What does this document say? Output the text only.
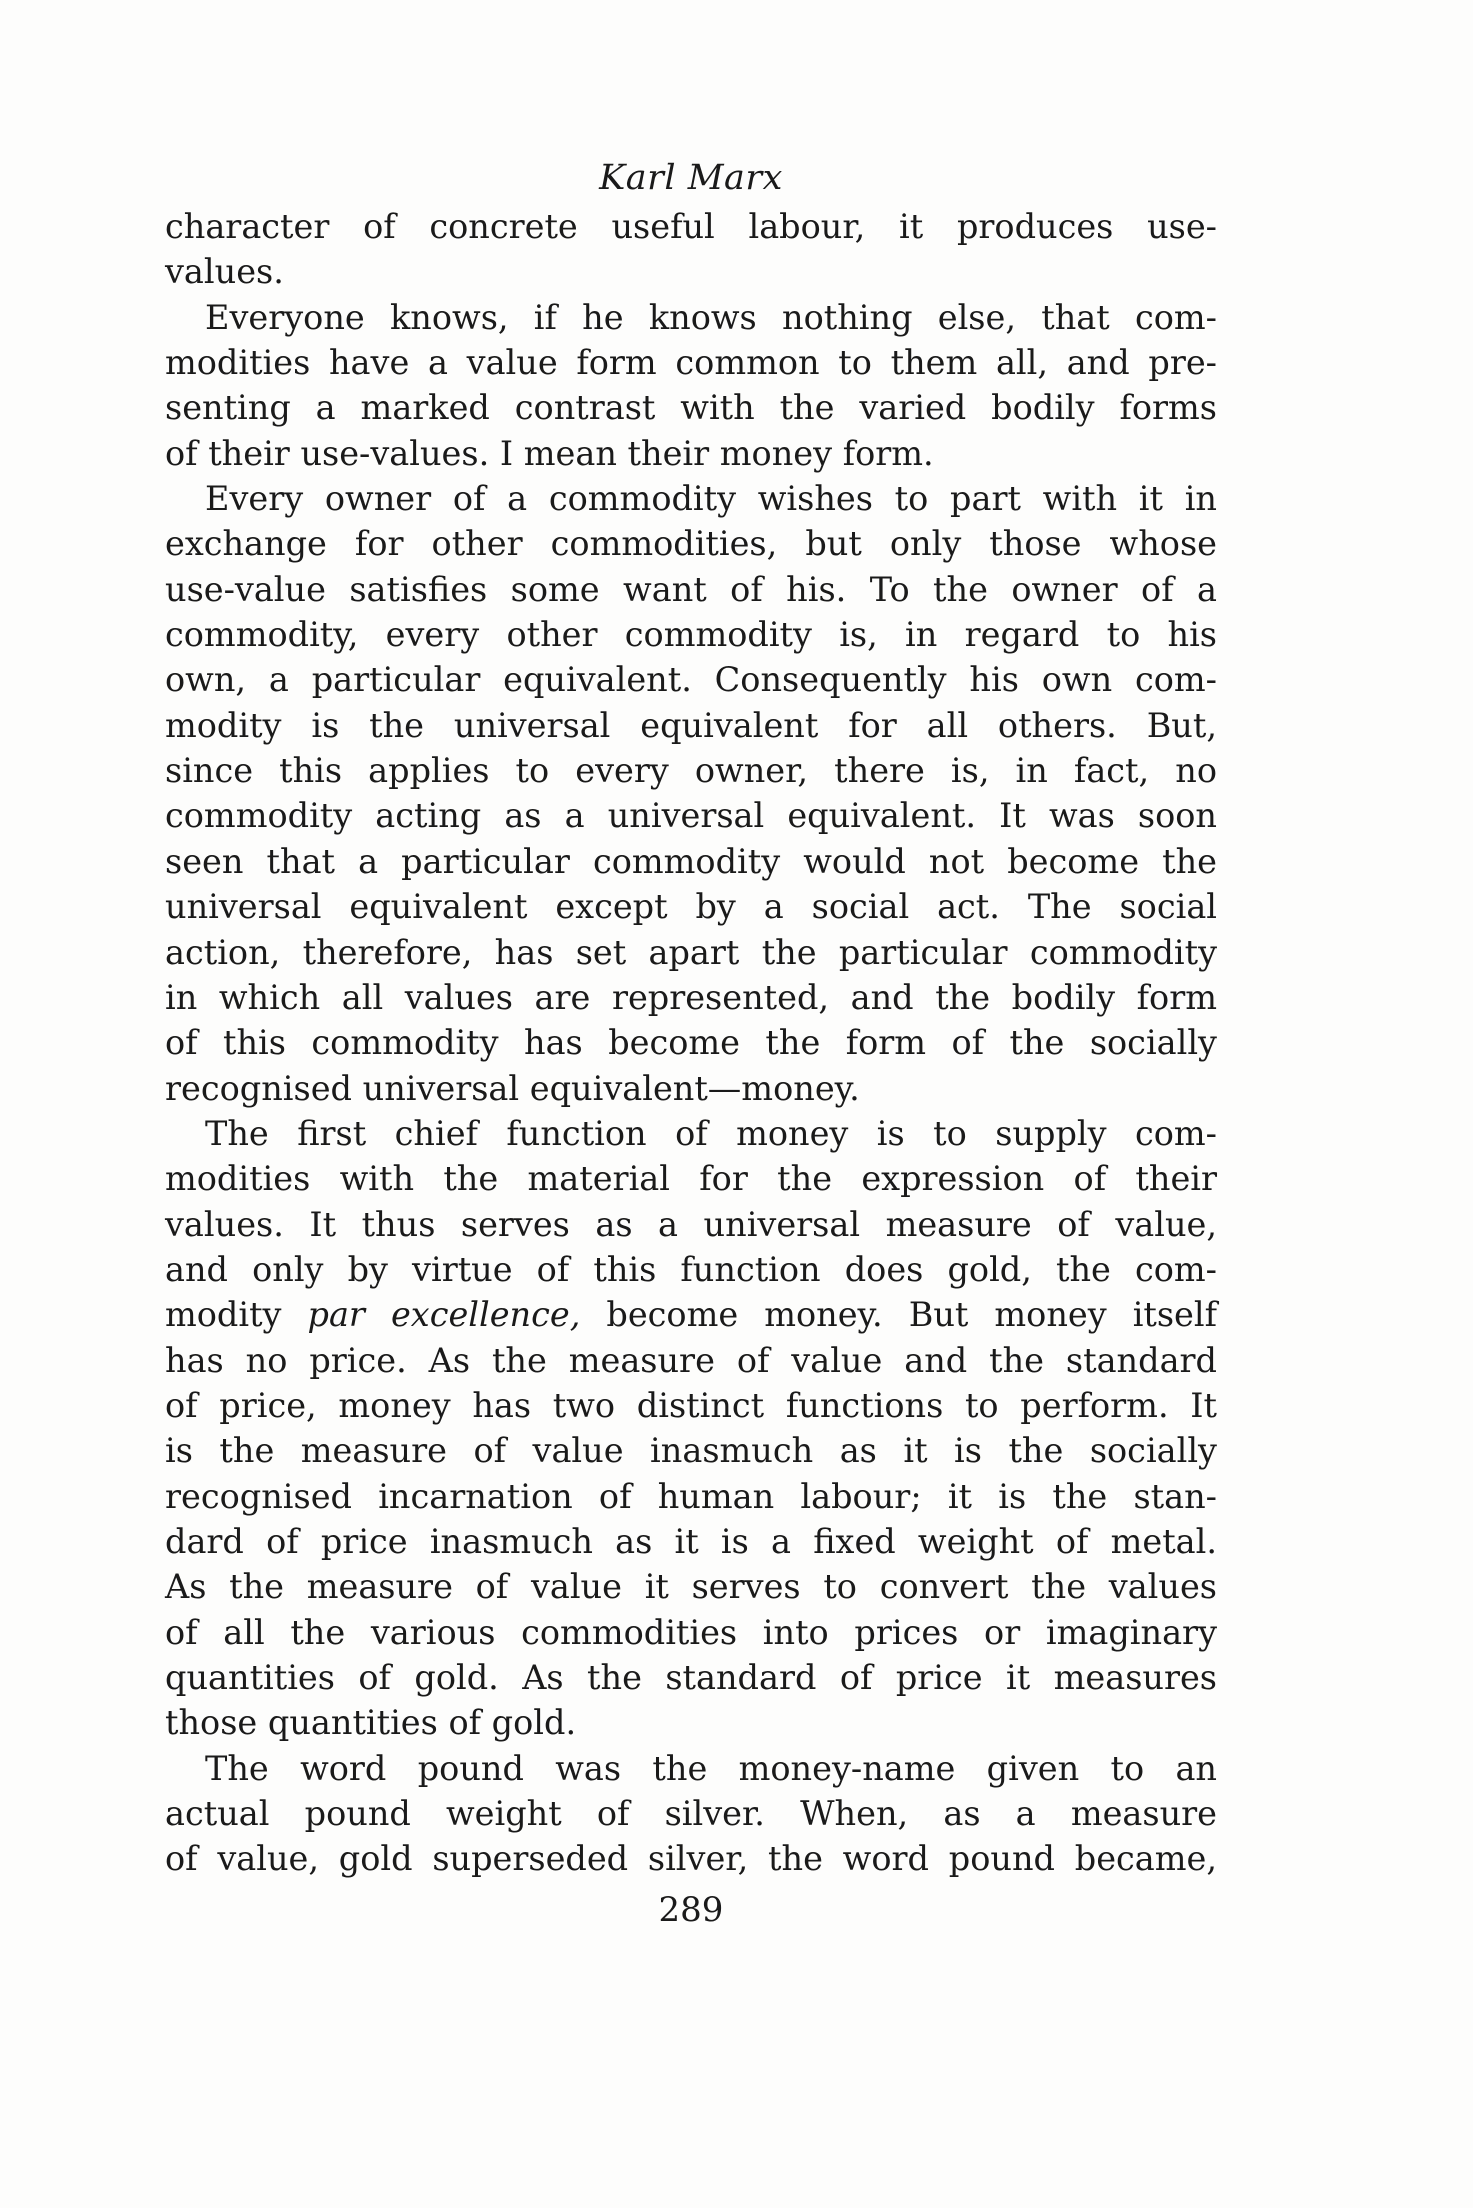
Karl Marx
character of concrete useful labour, it produces use-
values.
Everyone knows, if he knows nothing else, that com-
modities have a value form common to them all, and pre-
senting a marked contrast with the varied bodily forms
of their use-values. I mean their money form.
Every owner of a commodity wishes to part with it in
exchange for other commodities, but only those whose
use-value satisfies some want of his. To the owner of a
commodity, every other commodity is, in regard to his
own, a particular equivalent. Consequently his own com-
modity is the universal equivalent for all others. But,
since this applies to every owner, there is, in fact, no
commodity acting as a universal equivalent. It was soon
seen that a particular commodity would not become the
universal equivalent except by a social act. The social
action, therefore, has set apart the particular commodity
in which all values are represented, and the bodily form
of this commodity has become the form of the socially
recognised universal equivalent—money.
The first chief function of money is to supply com-
modities with the material for the expression of their
values. It thus serves as a universal measure of value,
and only by virtue of this function does gold, the com-
modity par excellence, become money. But money itself
has no price. As the measure of value and the standard
of price, money has two distinct functions to perform. It
is the measure of value inasmuch as it is the socially
recognised incarnation of human labour; it is the stan-
dard of price inasmuch as it is a fixed weight of metal.
As the measure of value it serves to convert the values
of all the various commodities into prices or imaginary
quantities of gold. As the standard of price it measures
those quantities of gold.
The word pound was the money-name given to an
actual pound weight of silver. When, as a measure
of value, gold superseded silver, the word pound became,
289
